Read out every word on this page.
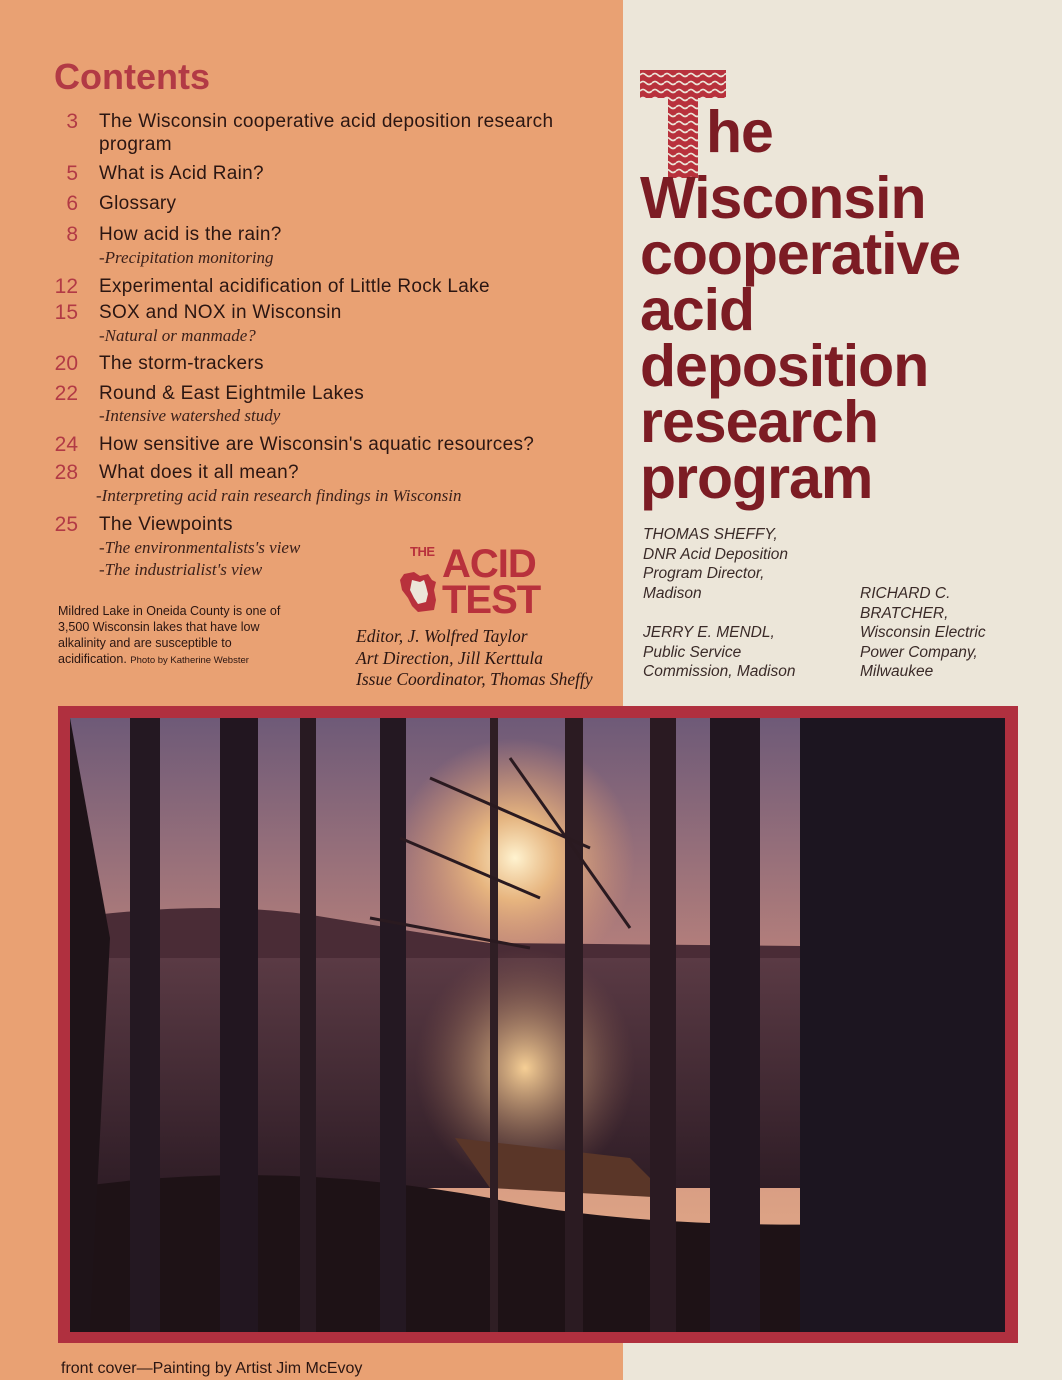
Contents
3 The Wisconsin cooperative acid deposition research program
5 What is Acid Rain?
6 Glossary
8 How acid is the rain?
-Precipitation monitoring
12 Experimental acidification of Little Rock Lake
15 SOX and NOX in Wisconsin
-Natural or manmade?
20 The storm-trackers
22 Round & East Eightmile Lakes
-Intensive watershed study
24 How sensitive are Wisconsin's aquatic resources?
28 What does it all mean?
-Interpreting acid rain research findings in Wisconsin
25 The Viewpoints
-The environmentalists's view
-The industrialist's view
Mildred Lake in Oneida County is one of 3,500 Wisconsin lakes that have low alkalinity and are susceptible to acidification. Photo by Katherine Webster
THE ACID
TEST
Editor, J. Wolfred Taylor
Art Direction, Jill Kerttula
Issue Coordinator, Thomas Sheffy
he
Wisconsin
cooperative
acid
deposition
research
program
THOMAS SHEFFY,
DNR Acid Deposition
Program Director,
Madison
JERRY E. MENDL,
Public Service
Commission, Madison
RICHARD C.
BRATCHER,
Wisconsin Electric
Power Company,
Milwaukee
front cover—Painting by Artist Jim McEvoy
